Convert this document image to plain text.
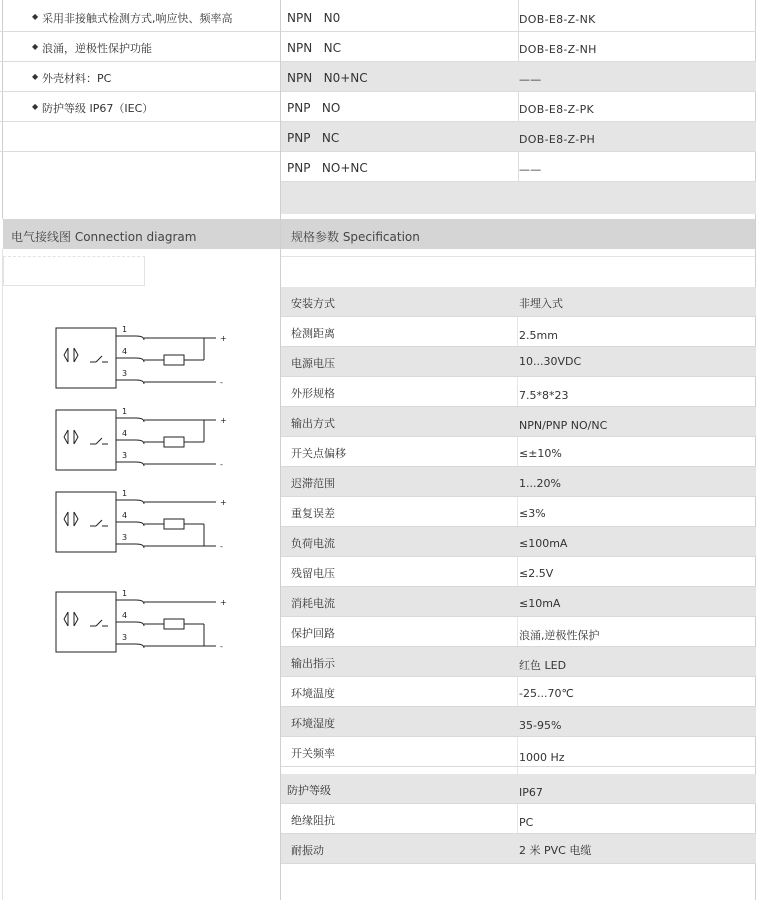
◆ 采用非接触式检测方式,响应快、频率高
◆ 浪涌，逆极性保护功能
◆ 外壳材料：PC
◆ 防护等级 IP67（IEC）
NPN   N0	DOB-E8-Z-NK
NPN   NC	DOB-E8-Z-NH
NPN   N0+NC	——
PNP   NO	DOB-E8-Z-PK
PNP   NC	DOB-E8-Z-PH
PNP   NO+NC	——
电气接线图 Connection diagram	规格参数 Specification
1
4
3
+
-
1
4
3
+
-
1
4
3
+
-
1
4
3
+
-
安装方式	非埋入式
检测距离	2.5mm
电源电压	10...30VDC
外形规格	7.5*8*23
输出方式	NPN/PNP NO/NC
开关点偏移	≤±10%
迟滞范围	1...20%
重复误差	≤3%
负荷电流	≤100mA
残留电压	≤2.5V
消耗电流	≤10mA
保护回路	浪涌,逆极性保护
输出指示	红色 LED
环境温度	-25...70℃
环境湿度	35-95%
开关频率	1000 Hz
防护等级	IP67
绝缘阻抗	PC
耐振动	2 米 PVC 电缆
